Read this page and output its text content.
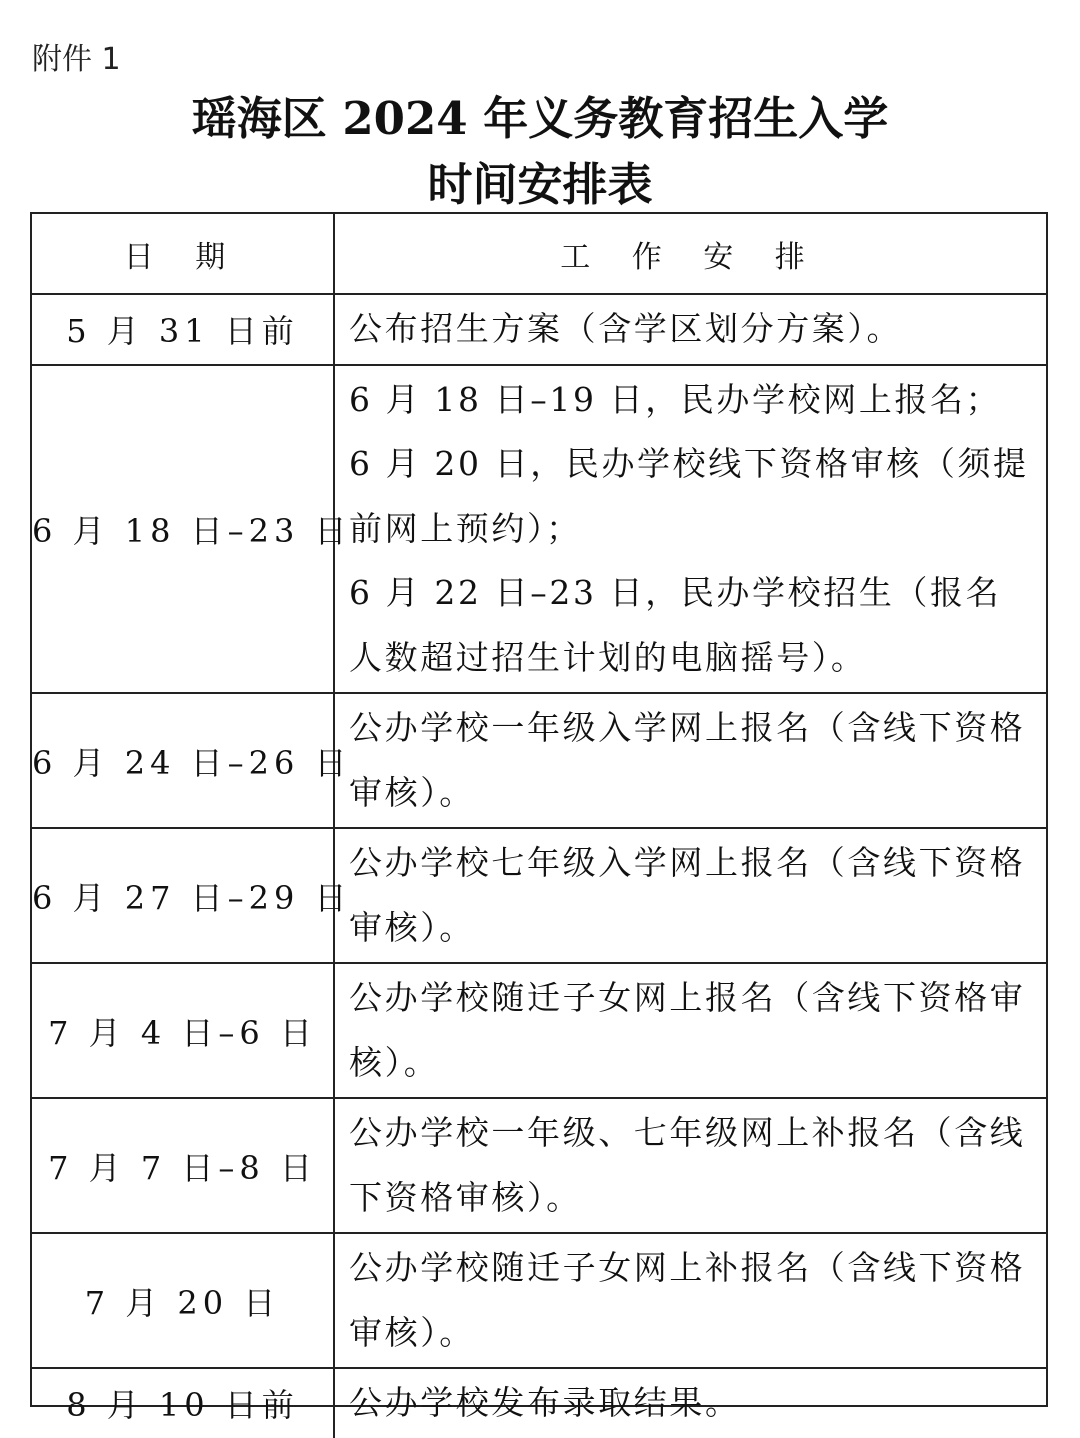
附件 1
瑶海区 2024 年义务教育招生入学
时间安排表
日 期	工 作 安 排
5 月 31 日前	公布招生方案（含学区划分方案）。

6 月 18 日–23 日	6 月 18 日–19 日，民办学校网上报名；
6 月 20 日，民办学校线下资格审核（须提前网上预约）；
6 月 22 日–23 日，民办学校招生（报名人数超过招生计划的电脑摇号）。

6 月 24 日–26 日	公办学校一年级入学网上报名（含线下资格审核）。

6 月 27 日–29 日	公办学校七年级入学网上报名（含线下资格审核）。

7 月 4 日–6 日	公办学校随迁子女网上报名（含线下资格审核）。

7 月 7 日–8 日	公办学校一年级、七年级网上补报名（含线下资格审核）。

7 月 20 日	公办学校随迁子女网上补报名（含线下资格审核）。

8 月 10 日前	公办学校发布录取结果。
